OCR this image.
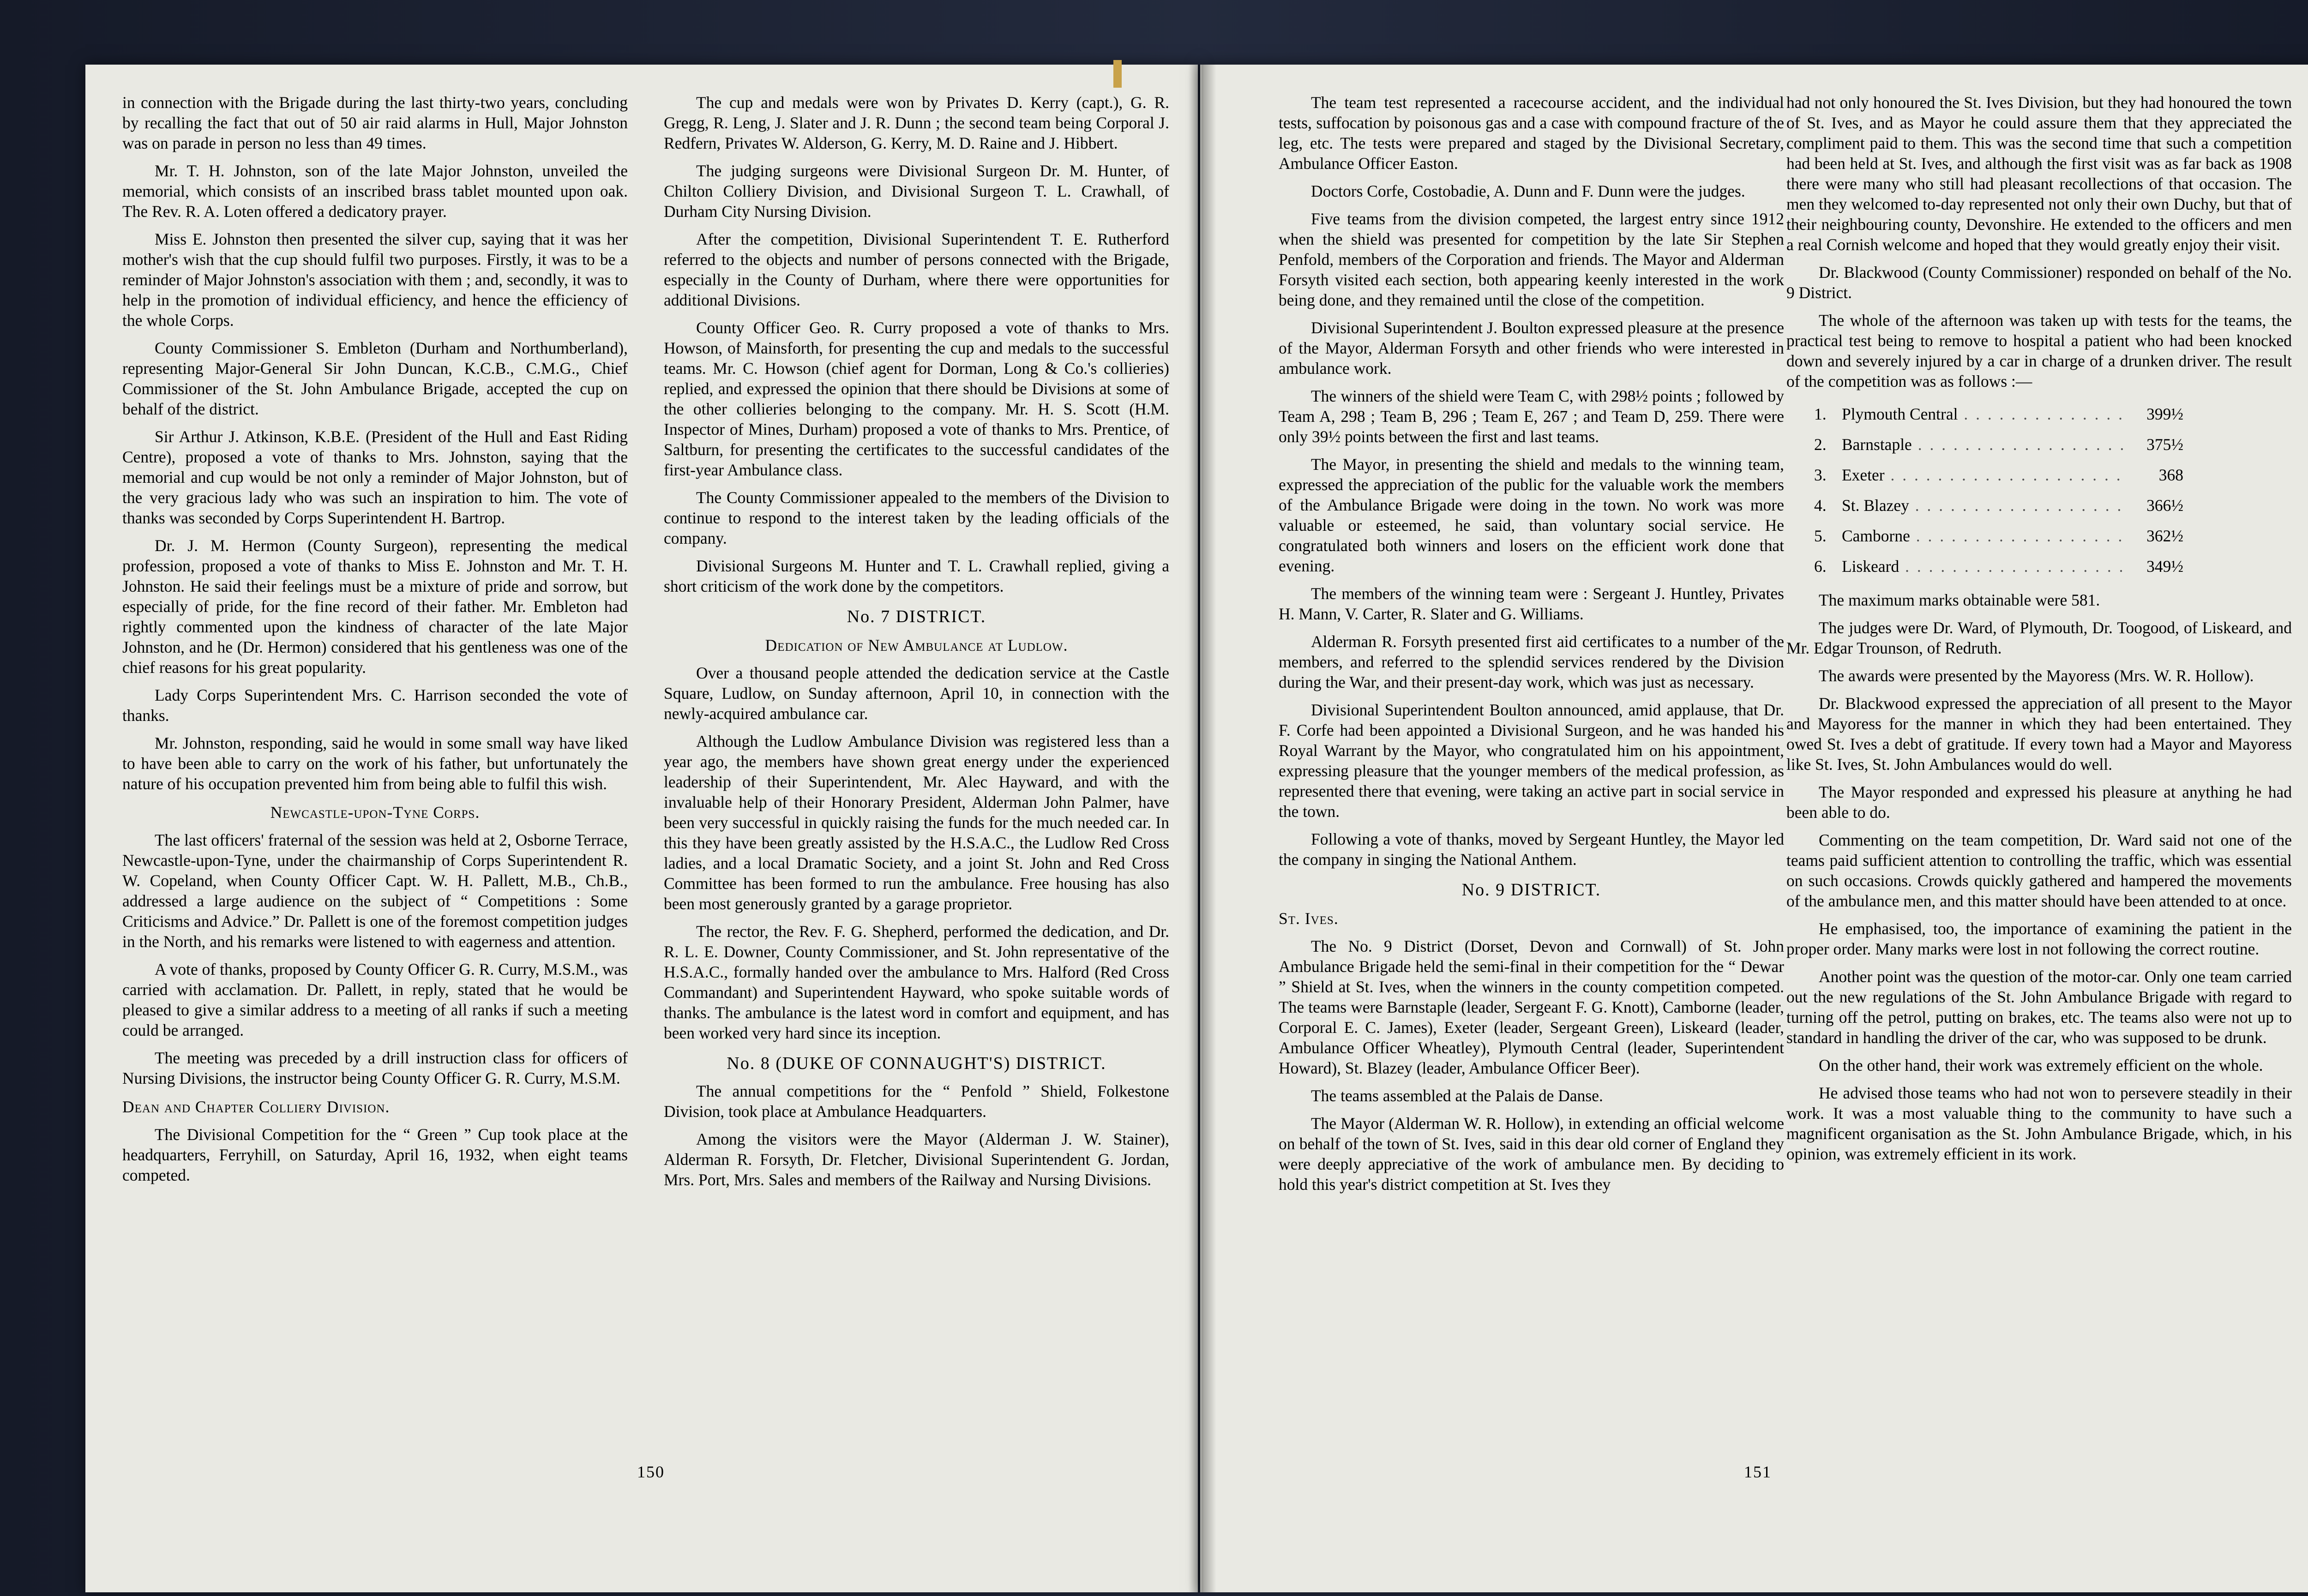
in connection with the Brigade during the last thirty-two years, concluding by recalling the fact that out of 50 air raid alarms in Hull, Major Johnston was on parade in person no less than 49 times.

Mr. T. H. Johnston, son of the late Major Johnston, unveiled the memorial, which consists of an inscribed brass tablet mounted upon oak. The Rev. R. A. Loten offered a dedicatory prayer.

Miss E. Johnston then presented the silver cup, saying that it was her mother's wish that the cup should fulfil two purposes. Firstly, it was to be a reminder of Major Johnston's association with them ; and, secondly, it was to help in the promotion of individual efficiency, and hence the efficiency of the whole Corps.

County Commissioner S. Embleton (Durham and Northumberland), representing Major-General Sir John Duncan, K.C.B., C.M.G., Chief Commissioner of the St. John Ambulance Brigade, accepted the cup on behalf of the district.

Sir Arthur J. Atkinson, K.B.E. (President of the Hull and East Riding Centre), proposed a vote of thanks to Mrs. Johnston, saying that the memorial and cup would be not only a reminder of Major Johnston, but of the very gracious lady who was such an inspiration to him. The vote of thanks was seconded by Corps Superintendent H. Bartrop.

Dr. J. M. Hermon (County Surgeon), representing the medical profession, proposed a vote of thanks to Miss E. Johnston and Mr. T. H. Johnston. He said their feelings must be a mixture of pride and sorrow, but especially of pride, for the fine record of their father. Mr. Embleton had rightly commented upon the kindness of character of the late Major Johnston, and he (Dr. Hermon) considered that his gentleness was one of the chief reasons for his great popularity.

Lady Corps Superintendent Mrs. C. Harrison seconded the vote of thanks.

Mr. Johnston, responding, said he would in some small way have liked to have been able to carry on the work of his father, but unfortunately the nature of his occupation prevented him from being able to fulfil this wish.

Newcastle-upon-Tyne Corps.

The last officers' fraternal of the session was held at 2, Osborne Terrace, Newcastle-upon-Tyne, under the chairmanship of Corps Superintendent R. W. Copeland, when County Officer Capt. W. H. Pallett, M.B., Ch.B., addressed a large audience on the subject of “ Competitions : Some Criticisms and Advice.” Dr. Pallett is one of the foremost competition judges in the North, and his remarks were listened to with eagerness and attention.

A vote of thanks, proposed by County Officer G. R. Curry, M.S.M., was carried with acclamation. Dr. Pallett, in reply, stated that he would be pleased to give a similar address to a meeting of all ranks if such a meeting could be arranged.

The meeting was preceded by a drill instruction class for officers of Nursing Divisions, the instructor being County Officer G. R. Curry, M.S.M.

Dean and Chapter Colliery Division.

The Divisional Competition for the “ Green ” Cup took place at the headquarters, Ferryhill, on Saturday, April 16, 1932, when eight teams competed.

The cup and medals were won by Privates D. Kerry (capt.), G. R. Gregg, R. Leng, J. Slater and J. R. Dunn ; the second team being Corporal J. Redfern, Privates W. Alderson, G. Kerry, M. D. Raine and J. Hibbert.

The judging surgeons were Divisional Surgeon Dr. M. Hunter, of Chilton Colliery Division, and Divisional Surgeon T. L. Crawhall, of Durham City Nursing Division.

After the competition, Divisional Superintendent T. E. Rutherford referred to the objects and number of persons connected with the Brigade, especially in the County of Durham, where there were opportunities for additional Divisions.

County Officer Geo. R. Curry proposed a vote of thanks to Mrs. Howson, of Mainsforth, for presenting the cup and medals to the successful teams. Mr. C. Howson (chief agent for Dorman, Long & Co.'s collieries) replied, and expressed the opinion that there should be Divisions at some of the other collieries belonging to the company. Mr. H. S. Scott (H.M. Inspector of Mines, Durham) proposed a vote of thanks to Mrs. Prentice, of Saltburn, for presenting the certificates to the successful candidates of the first-year Ambulance class.

The County Commissioner appealed to the members of the Division to continue to respond to the interest taken by the leading officials of the company.

Divisional Surgeons M. Hunter and T. L. Crawhall replied, giving a short criticism of the work done by the competitors.

No. 7 DISTRICT.
Dedication of New Ambulance at Ludlow.

Over a thousand people attended the dedication service at the Castle Square, Ludlow, on Sunday afternoon, April 10, in connection with the newly-acquired ambulance car.

Although the Ludlow Ambulance Division was registered less than a year ago, the members have shown great energy under the experienced leadership of their Superintendent, Mr. Alec Hayward, and with the invaluable help of their Honorary President, Alderman John Palmer, have been very successful in quickly raising the funds for the much needed car. In this they have been greatly assisted by the H.S.A.C., the Ludlow Red Cross ladies, and a local Dramatic Society, and a joint St. John and Red Cross Committee has been formed to run the ambulance. Free housing has also been most generously granted by a garage proprietor.

The rector, the Rev. F. G. Shepherd, performed the dedication, and Dr. R. L. E. Downer, County Commissioner, and St. John representative of the H.S.A.C., formally handed over the ambulance to Mrs. Halford (Red Cross Commandant) and Superintendent Hayward, who spoke suitable words of thanks. The ambulance is the latest word in comfort and equipment, and has been worked very hard since its inception.

No. 8 (DUKE OF CONNAUGHT'S) DISTRICT.

The annual competitions for the “ Penfold ” Shield, Folkestone Division, took place at Ambulance Headquarters.

Among the visitors were the Mayor (Alderman J. W. Stainer), Alderman R. Forsyth, Dr. Fletcher, Divisional Superintendent G. Jordan, Mrs. Port, Mrs. Sales and members of the Railway and Nursing Divisions.

150

The team test represented a racecourse accident, and the individual tests, suffocation by poisonous gas and a case with compound fracture of the leg, etc. The tests were prepared and staged by the Divisional Secretary, Ambulance Officer Easton.

Doctors Corfe, Costobadie, A. Dunn and F. Dunn were the judges.

Five teams from the division competed, the largest entry since 1912 when the shield was presented for competition by the late Sir Stephen Penfold, members of the Corporation and friends. The Mayor and Alderman Forsyth visited each section, both appearing keenly interested in the work being done, and they remained until the close of the competition.

Divisional Superintendent J. Boulton expressed pleasure at the presence of the Mayor, Alderman Forsyth and other friends who were interested in ambulance work.

The winners of the shield were Team C, with 298½ points ; followed by Team A, 298 ; Team B, 296 ; Team E, 267 ; and Team D, 259. There were only 39½ points between the first and last teams.

The Mayor, in presenting the shield and medals to the winning team, expressed the appreciation of the public for the valuable work the members of the Ambulance Brigade were doing in the town. No work was more valuable or esteemed, he said, than voluntary social service. He congratulated both winners and losers on the efficient work done that evening.

The members of the winning team were : Sergeant J. Huntley, Privates H. Mann, V. Carter, R. Slater and G. Williams.

Alderman R. Forsyth presented first aid certificates to a number of the members, and referred to the splendid services rendered by the Division during the War, and their present-day work, which was just as necessary.

Divisional Superintendent Boulton announced, amid applause, that Dr. F. Corfe had been appointed a Divisional Surgeon, and he was handed his Royal Warrant by the Mayor, who congratulated him on his appointment, expressing pleasure that the younger members of the medical profession, as represented there that evening, were taking an active part in social service in the town.

Following a vote of thanks, moved by Sergeant Huntley, the Mayor led the company in singing the National Anthem.

No. 9 DISTRICT.
St. Ives.

The No. 9 District (Dorset, Devon and Cornwall) of St. John Ambulance Brigade held the semi-final in their competition for the “ Dewar ” Shield at St. Ives, when the winners in the county competition competed. The teams were Barnstaple (leader, Sergeant F. G. Knott), Camborne (leader, Corporal E. C. James), Exeter (leader, Sergeant Green), Liskeard (leader, Ambulance Officer Wheatley), Plymouth Central (leader, Superintendent Howard), St. Blazey (leader, Ambulance Officer Beer).

The teams assembled at the Palais de Danse.

The Mayor (Alderman W. R. Hollow), in extending an official welcome on behalf of the town of St. Ives, said in this dear old corner of England they were deeply appreciative of the work of ambulance men. By deciding to hold this year's district competition at St. Ives they

had not only honoured the St. Ives Division, but they had honoured the town of St. Ives, and as Mayor he could assure them that they appreciated the compliment paid to them. This was the second time that such a competition had been held at St. Ives, and although the first visit was as far back as 1908 there were many who still had pleasant recollections of that occasion. The men they welcomed to-day represented not only their own Duchy, but that of their neighbouring county, Devonshire. He extended to the officers and men a real Cornish welcome and hoped that they would greatly enjoy their visit.

Dr. Blackwood (County Commissioner) responded on behalf of the No. 9 District.

The whole of the afternoon was taken up with tests for the teams, the practical test being to remove to hospital a patient who had been knocked down and severely injured by a car in charge of a drunken driver. The result of the competition was as follows :—

1. Plymouth Central . . .	399½
2. Barnstaple . . .	375½
3. Exeter . . .	368
4. St. Blazey . . .	366½
5. Camborne . . .	362½
6. Liskeard . . .	349½

The maximum marks obtainable were 581.

The judges were Dr. Ward, of Plymouth, Dr. Toogood, of Liskeard, and Mr. Edgar Trounson, of Redruth.

The awards were presented by the Mayoress (Mrs. W. R. Hollow).

Dr. Blackwood expressed the appreciation of all present to the Mayor and Mayoress for the manner in which they had been entertained. They owed St. Ives a debt of gratitude. If every town had a Mayor and Mayoress like St. Ives, St. John Ambulances would do well.

The Mayor responded and expressed his pleasure at anything he had been able to do.

Commenting on the team competition, Dr. Ward said not one of the teams paid sufficient attention to controlling the traffic, which was essential on such occasions. Crowds quickly gathered and hampered the movements of the ambulance men, and this matter should have been attended to at once.

He emphasised, too, the importance of examining the patient in the proper order. Many marks were lost in not following the correct routine.

Another point was the question of the motor-car. Only one team carried out the new regulations of the St. John Ambulance Brigade with regard to turning off the petrol, putting on brakes, etc. The teams also were not up to standard in handling the driver of the car, who was supposed to be drunk.

On the other hand, their work was extremely efficient on the whole.

He advised those teams who had not won to persevere steadily in their work. It was a most valuable thing to the community to have such a magnificent organisation as the St. John Ambulance Brigade, which, in his opinion, was extremely efficient in its work.

151
